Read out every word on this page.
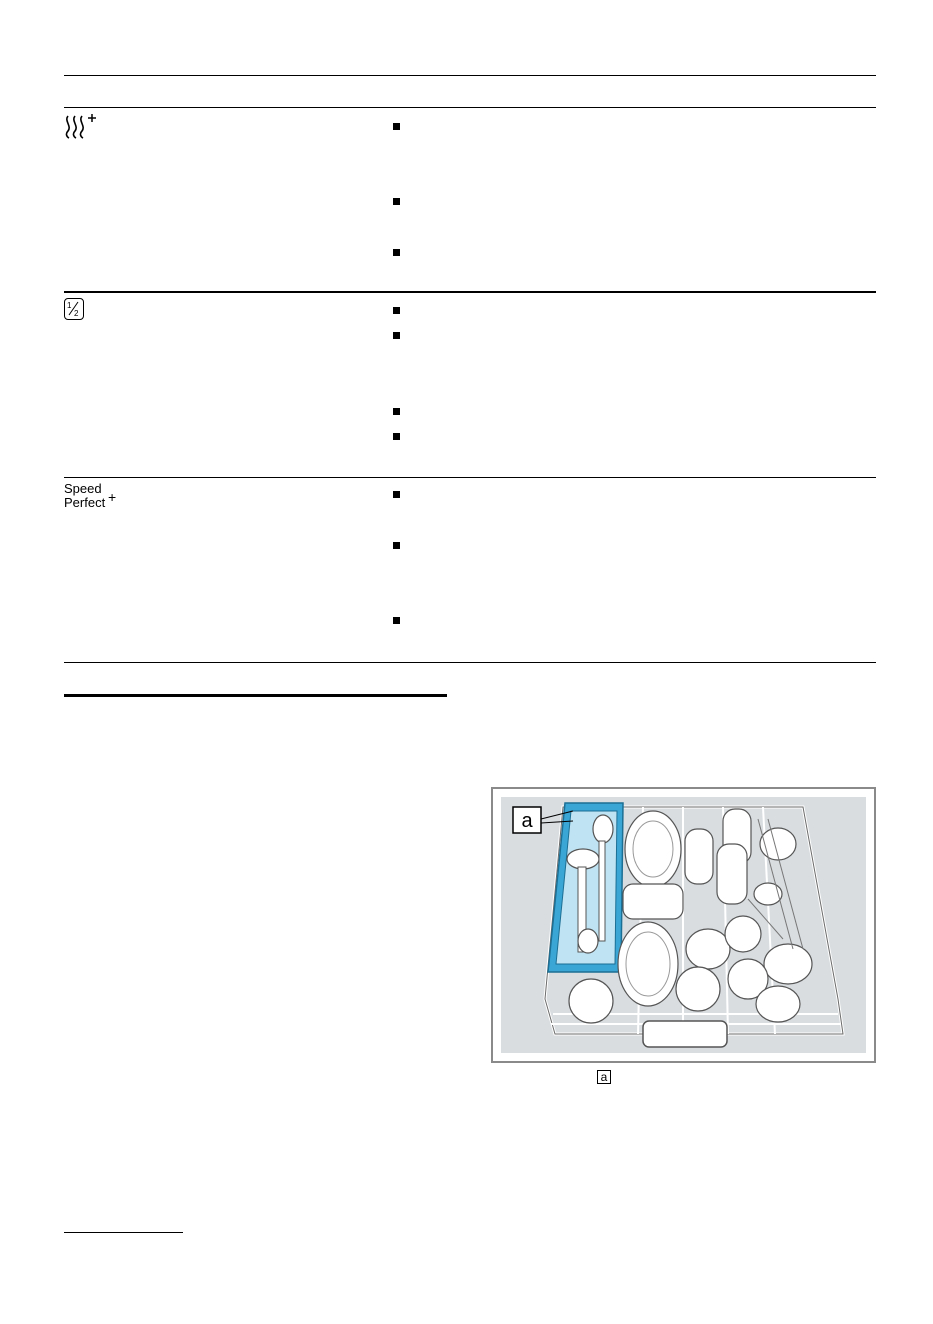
1
2
Speed
Perfect +
a
a
